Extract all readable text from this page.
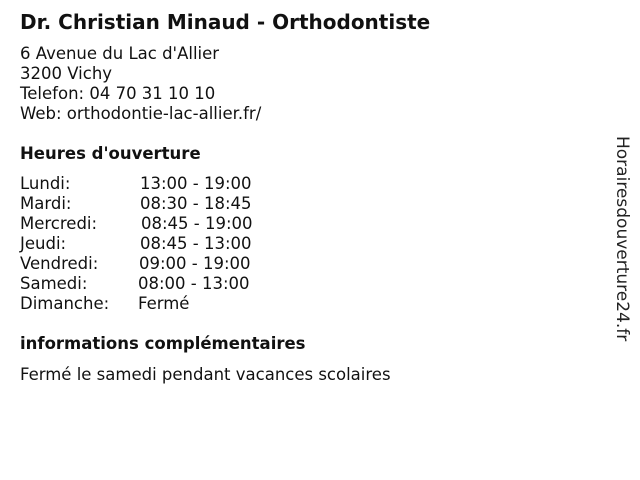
Dr. Christian Minaud - Orthodontiste
6 Avenue du Lac d'Allier
3200 Vichy
Telefon: 04 70 31 10 10
Web: orthodontie-lac-allier.fr/
Heures d'ouverture
Lundi:	13:00 - 19:00
Mardi:	08:30 - 18:45
Mercredi:	08:45 - 19:00
Jeudi:	08:45 - 13:00
Vendredi: 09:00 - 19:00
Samedi:	08:00 - 13:00
Dimanche: Fermé
informations complémentaires
Fermé le samedi pendant vacances scolaires
Horairesdouverture24.fr
